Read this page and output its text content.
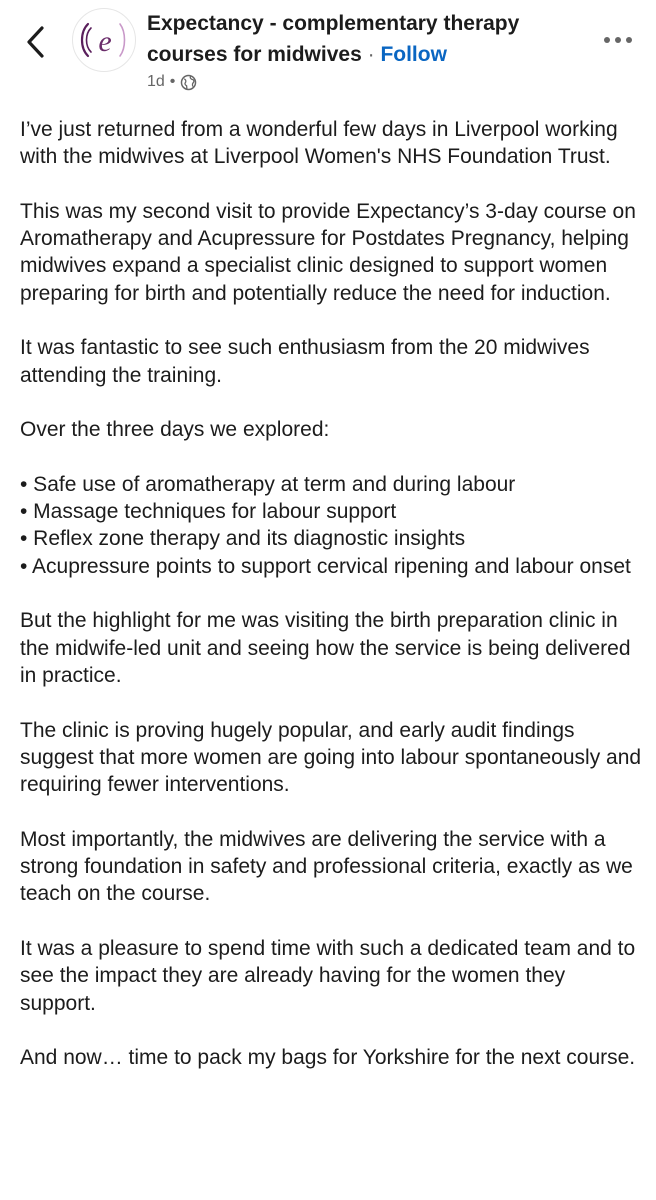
e
Expectancy - complementary therapy courses for midwives · Follow
1d •

I’ve just returned from a wonderful few days in Liverpool working with the midwives at Liverpool Women's NHS Foundation Trust.

This was my second visit to provide Expectancy’s 3-day course on Aromatherapy and Acupressure for Postdates Pregnancy, helping midwives expand a specialist clinic designed to support women preparing for birth and potentially reduce the need for induction.

It was fantastic to see such enthusiasm from the 20 midwives attending the training.

Over the three days we explored:

• Safe use of aromatherapy at term and during labour
• Massage techniques for labour support
• Reflex zone therapy and its diagnostic insights
• Acupressure points to support cervical ripening and labour onset

But the highlight for me was visiting the birth preparation clinic in the midwife-led unit and seeing how the service is being delivered in practice.

The clinic is proving hugely popular, and early audit findings suggest that more women are going into labour spontaneously and requiring fewer interventions.

Most importantly, the midwives are delivering the service with a strong foundation in safety and professional criteria, exactly as we teach on the course.

It was a pleasure to spend time with such a dedicated team and to see the impact they are already having for the women they support.

And now… time to pack my bags for Yorkshire for the next course.
